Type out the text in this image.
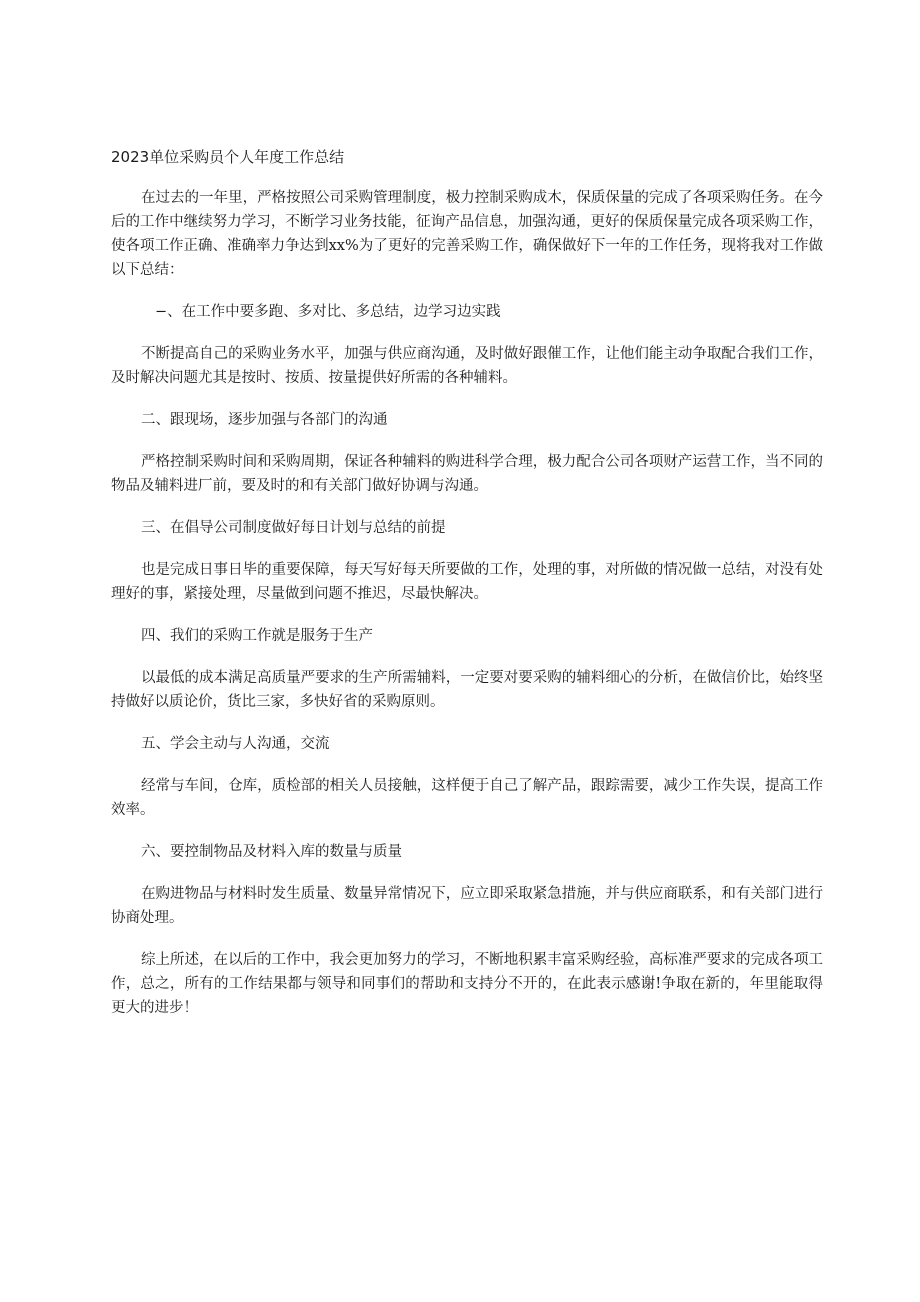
2023单位采购员个人年度工作总结

在过去的一年里，严格按照公司采购管理制度，极力控制采购成木，保质保量的完成了各项采购任务。在今后的工作中继续努力学习，不断学习业务技能，征询产品信息，加强沟通，更好的保质保量完成各项采购工作，使各项工作正确、准确率力争达到xx%为了更好的完善采购工作，确保做好下一年的工作任务，现将我对工作做以下总结：

−、在工作中要多跑、多对比、多总结，边学习边实践

不断提高自己的采购业务水平，加强与供应商沟通，及时做好跟催工作，让他们能主动争取配合我们工作，及时解决问题尤其是按时、按质、按量提供好所需的各种辅料。

二、跟现场，逐步加强与各部门的沟通

严格控制采购时间和采购周期，保证各种辅料的购进科学合理，极力配合公司各项财产运营工作，当不同的物品及辅料进厂前，要及时的和有关部门做好协调与沟通。

三、在倡导公司制度做好每日计划与总结的前提

也是完成日事日毕的重要保障，每天写好每天所要做的工作，处理的事，对所做的情况做一总结，对没有处理好的事，紧接处理，尽量做到问题不推迟，尽最快解决。

四、我们的采购工作就是服务于生产

以最低的成本满足高质量严要求的生产所需辅料，一定要对要采购的辅料细心的分析，在做信价比，始终坚持做好以质论价，货比三家，多快好省的采购原则。

五、学会主动与人沟通，交流

经常与车间，仓库，质检部的相关人员接触，这样便于自己了解产品，跟踪需要，减少工作失误，提高工作效率。

六、要控制物品及材料入库的数量与质量

在购进物品与材料时发生质量、数量异常情况下，应立即采取紧急措施，并与供应商联系，和有关部门进行协商处理。

综上所述，在以后的工作中，我会更加努力的学习，不断地积累丰富采购经验，高标准严要求的完成各项工作，总之，所有的工作结果都与领导和同事们的帮助和支持分不开的，在此表示感谢!争取在新的，年里能取得更大的进步！
